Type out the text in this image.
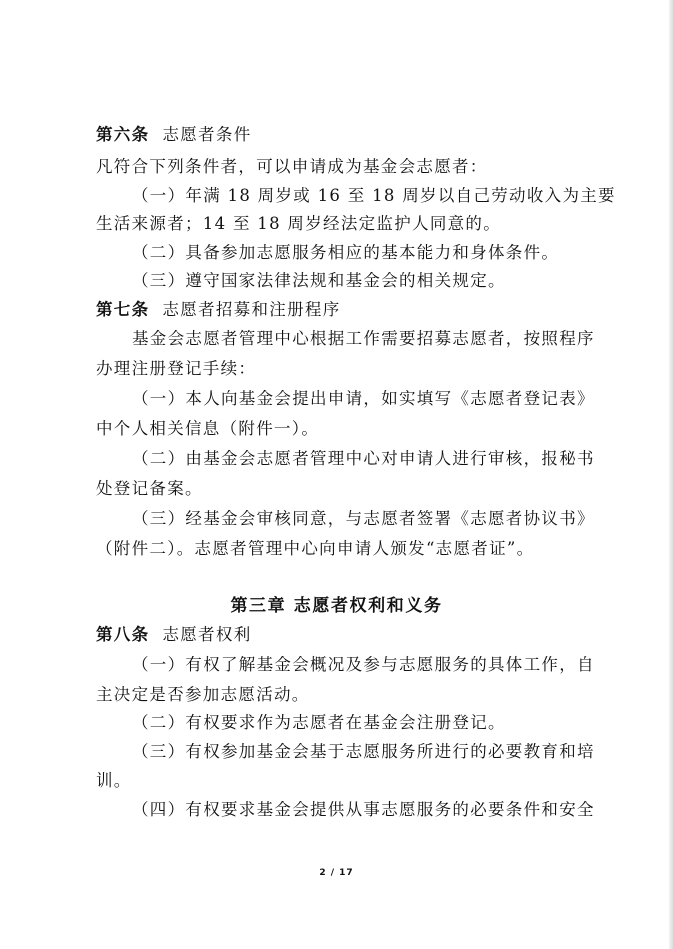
第六条 志愿者条件
凡符合下列条件者，可以申请成为基金会志愿者：
（一）年满 18 周岁或 16 至 18 周岁以自己劳动收入为主要
生活来源者；14 至 18 周岁经法定监护人同意的。
（二）具备参加志愿服务相应的基本能力和身体条件。
（三）遵守国家法律法规和基金会的相关规定。
第七条 志愿者招募和注册程序
基金会志愿者管理中心根据工作需要招募志愿者，按照程序
办理注册登记手续：
（一）本人向基金会提出申请，如实填写《志愿者登记表》
中个人相关信息（附件一）。
（二）由基金会志愿者管理中心对申请人进行审核，报秘书
处登记备案。
（三）经基金会审核同意，与志愿者签署《志愿者协议书》
（附件二）。志愿者管理中心向申请人颁发“志愿者证”。
第三章 志愿者权利和义务
第八条 志愿者权利
（一）有权了解基金会概况及参与志愿服务的具体工作，自
主决定是否参加志愿活动。
（二）有权要求作为志愿者在基金会注册登记。
（三）有权参加基金会基于志愿服务所进行的必要教育和培
训。
（四）有权要求基金会提供从事志愿服务的必要条件和安全
2 / 17
